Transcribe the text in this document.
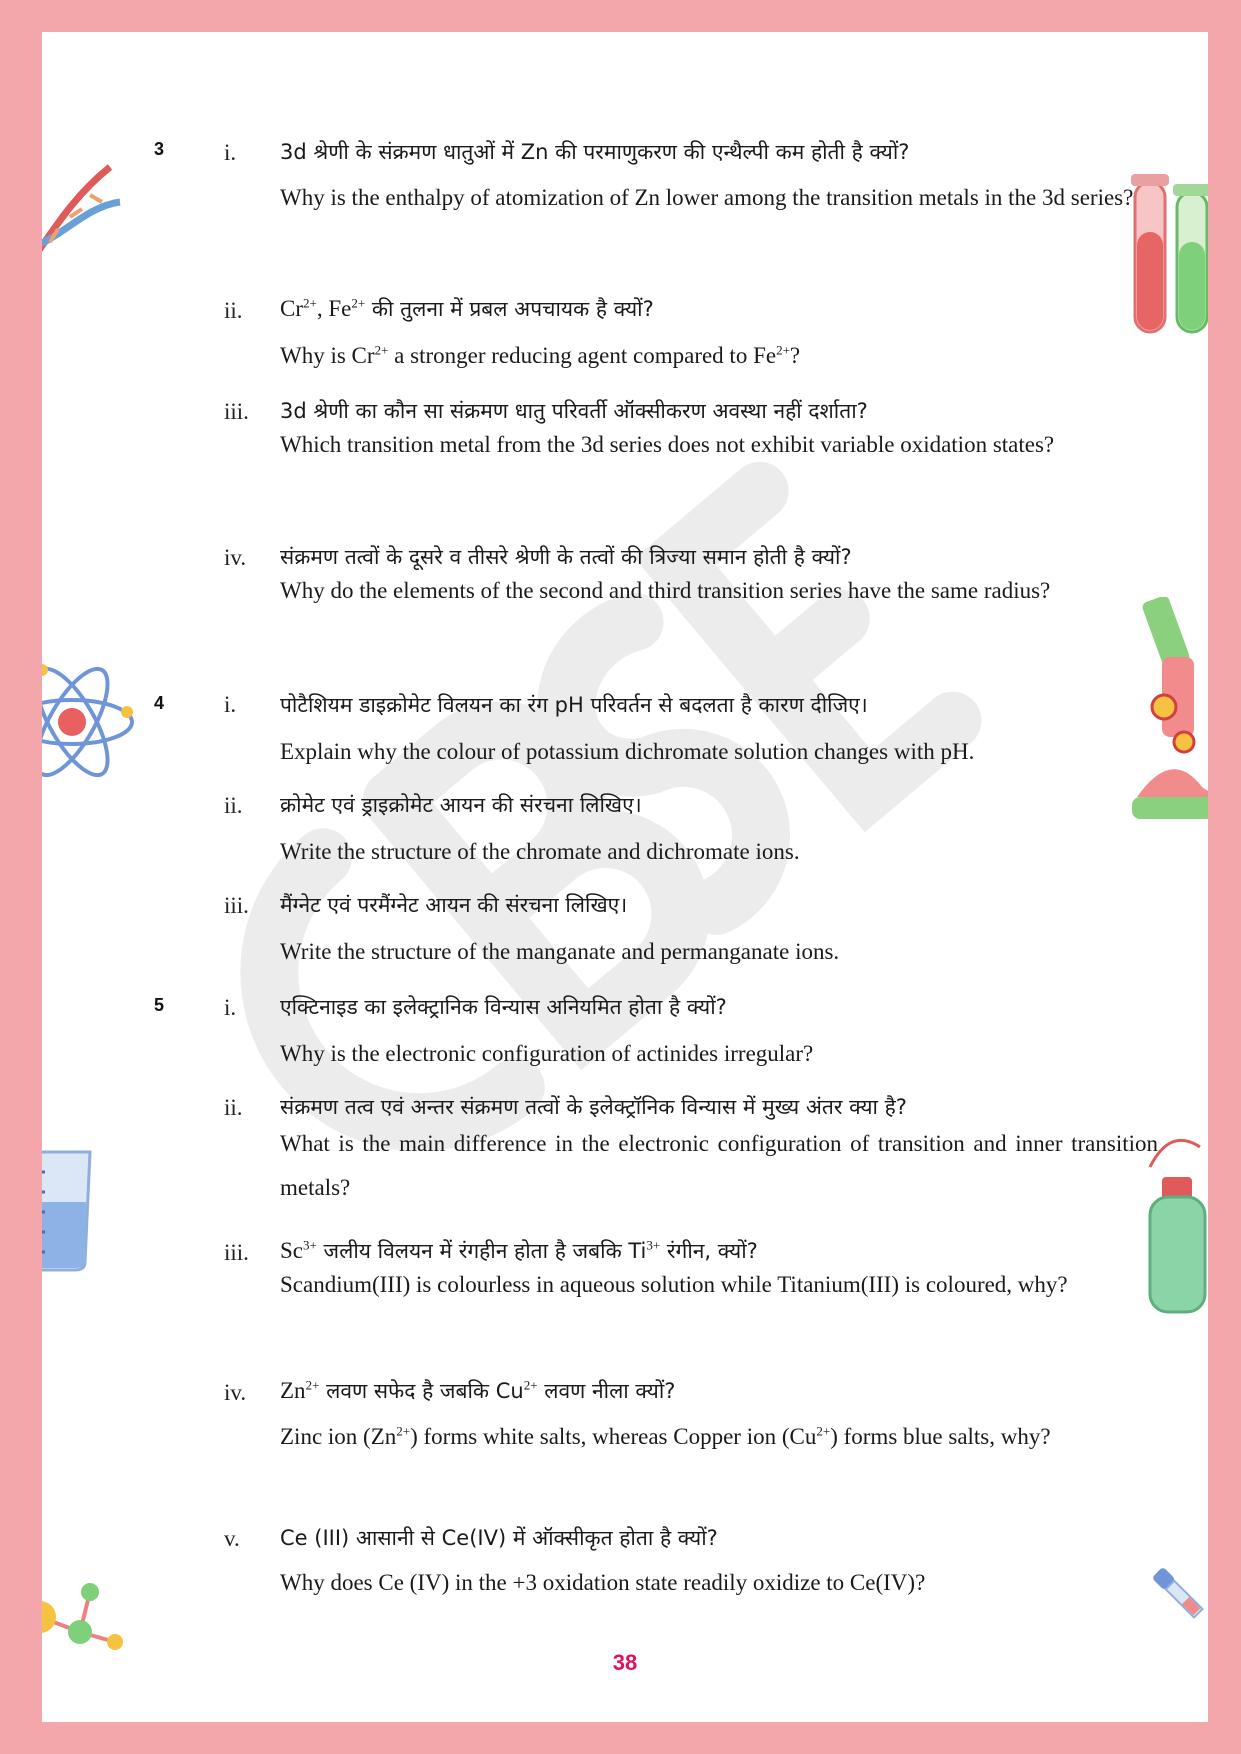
3	i. 3d श्रेणी के संक्रमण धातुओं में Zn की परमाणुकरण की एन्थैल्पी कम होती है क्यों?
Why is the enthalpy of atomization of Zn lower among the transition metals in the 3d series?
ii. $Cr^{2+}$, $Fe^{2+}$ की तुलना में प्रबल अपचायक है क्यों?
Why is $Cr^{2+}$ a stronger reducing agent compared to $Fe^{2+}$?
iii. 3d श्रेणी का कौन सा संक्रमण धातु परिवर्ती ऑक्सीकरण अवस्था नहीं दर्शाता?
Which transition metal from the 3d series does not exhibit variable oxidation states?
iv. संक्रमण तत्वों के दूसरे व तीसरे श्रेणी के तत्वों की त्रिज्या समान होती है क्यों?
Why do the elements of the second and third transition series have the same radius?
4	i. पोटैशियम डाइक्रोमेट विलयन का रंग pH परिवर्तन से बदलता है कारण दीजिए।
Explain why the colour of potassium dichromate solution changes with pH.
ii. क्रोमेट एवं ड्राइक्रोमेट आयन की संरचना लिखिए।
Write the structure of the chromate and dichromate ions.
iii. मैंग्नेट एवं परमैंग्नेट आयन की संरचना लिखिए।
Write the structure of the manganate and permanganate ions.
5	i. एक्टिनाइड का इलेक्ट्रानिक विन्यास अनियमित होता है क्यों?
Why is the electronic configuration of actinides irregular?
ii. संक्रमण तत्व एवं अन्तर संक्रमण तत्वों के इलेक्ट्रॉनिक विन्यास में मुख्य अंतर क्या है?
What is the main difference in the electronic configuration of transition and inner transition metals?
iii. $Sc^{3+}$ जलीय विलयन में रंगहीन होता है जबकि $Ti^{3+}$ रंगीन, क्यों?
Scandium(III) is colourless in aqueous solution while Titanium(III) is coloured, why?
iv. $Zn^{2+}$ लवण सफेद है जबकि $Cu^{2+}$ लवण नीला क्यों?
Zinc ion $(Zn^{2+})$ forms white salts, whereas Copper ion $(Cu^{2+})$ forms blue salts, why?
v. Ce (III) आसानी से Ce(IV) में ऑक्सीकृत होता है क्यों?
Why does Ce (IV) in the +3 oxidation state readily oxidize to Ce(IV)?
38
